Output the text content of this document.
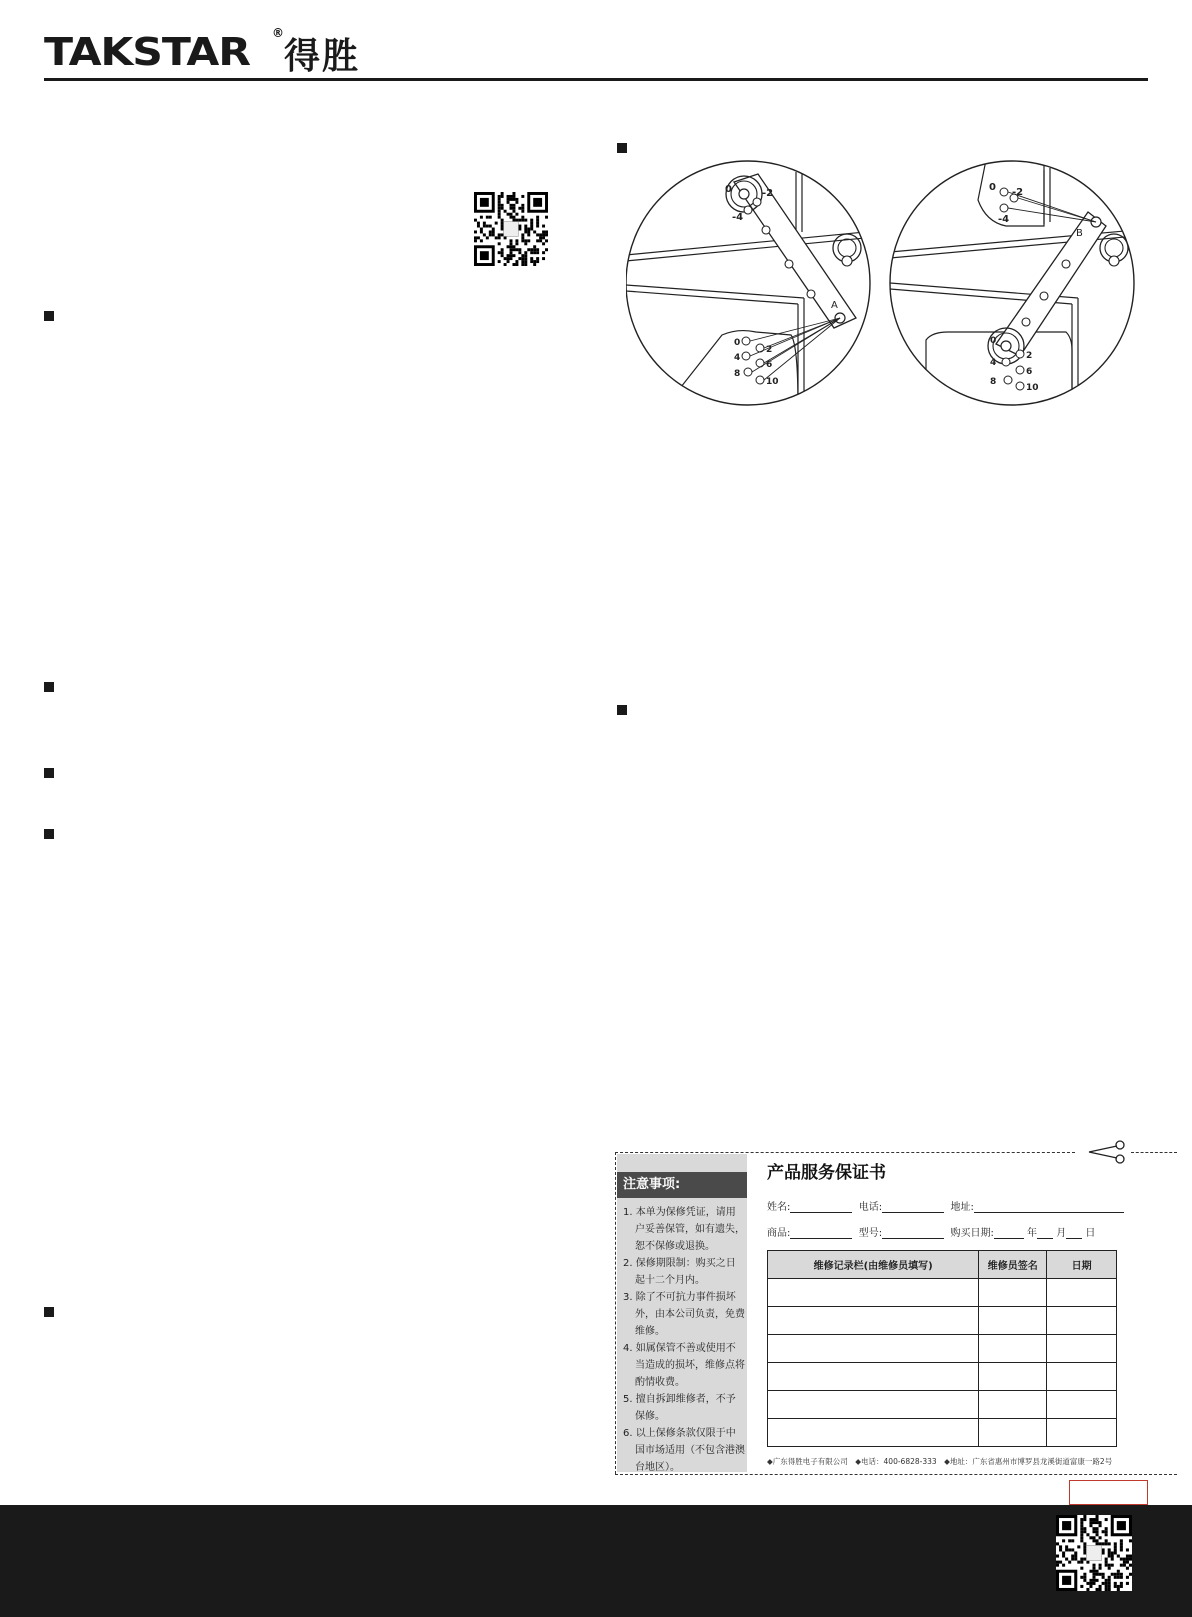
TAKSTAR ®
得胜
0	-2
-4
A
0
2
4
6
8
10
0 -2
-4
B
0
2
4
6
8
10
注意事项:
1. 本单为保修凭证，请用户妥善保管，如有遗失，恕不保修或退换。
2. 保修期限制：购买之日起十二个月内。
3. 除了不可抗力事件损坏外，由本公司负责，免费维修。
4. 如属保管不善或使用不当造成的损坏，维修点将酌情收费。
5. 擅自拆卸维修者，不予保修。
6. 以上保修条款仅限于中国市场适用（不包含港澳台地区）。
产品服务保证书
姓名:	电话:	地址:
商品:	型号:	购买日期:	年 月 日
维修记录栏(由维修员填写)	维修员签名	日期

◆广东得胜电子有限公司　◆电话：400-6828-333　◆地址：广东省惠州市博罗县龙溪街道富康一路2号
